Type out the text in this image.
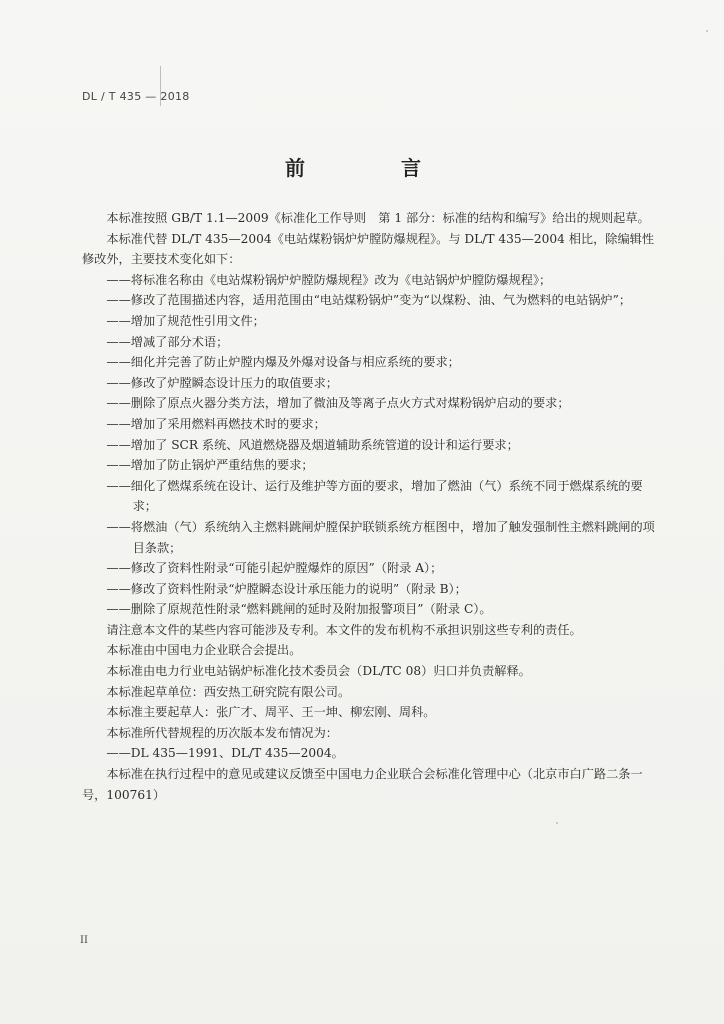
DL / T 435 — 2018
前　言

本标准按照 GB/T 1.1—2009《标准化工作导则　第 1 部分：标准的结构和编写》给出的规则起草。

本标准代替 DL/T 435—2004《电站煤粉锅炉炉膛防爆规程》。与 DL/T 435—2004 相比，除编辑性修改外，主要技术变化如下：

——将标准名称由《电站煤粉锅炉炉膛防爆规程》改为《电站锅炉炉膛防爆规程》；

——修改了范围描述内容，适用范围由“电站煤粉锅炉”变为“以煤粉、油、气为燃料的电站锅炉”；

——增加了规范性引用文件；

——增减了部分术语；

——细化并完善了防止炉膛内爆及外爆对设备与相应系统的要求；

——修改了炉膛瞬态设计压力的取值要求；

——删除了原点火器分类方法，增加了微油及等离子点火方式对煤粉锅炉启动的要求；

——增加了采用燃料再燃技术时的要求；

——增加了 SCR 系统、风道燃烧器及烟道辅助系统管道的设计和运行要求；

——增加了防止锅炉严重结焦的要求；

——细化了燃煤系统在设计、运行及维护等方面的要求，增加了燃油（气）系统不同于燃煤系统的要求；

——将燃油（气）系统纳入主燃料跳闸炉膛保护联锁系统方框图中，增加了触发强制性主燃料跳闸的项目条款；

——修改了资料性附录“可能引起炉膛爆炸的原因”（附录 A）；

——修改了资料性附录“炉膛瞬态设计承压能力的说明”（附录 B）；

——删除了原规范性附录“燃料跳闸的延时及附加报警项目”（附录 C）。

请注意本文件的某些内容可能涉及专利。本文件的发布机构不承担识别这些专利的责任。

本标准由中国电力企业联合会提出。

本标准由电力行业电站锅炉标准化技术委员会（DL/TC 08）归口并负责解释。

本标准起草单位：西安热工研究院有限公司。

本标准主要起草人：张广才、周平、王一坤、柳宏刚、周科。

本标准所代替规程的历次版本发布情况为：

——DL 435—1991、DL/T 435—2004。

本标准在执行过程中的意见或建议反馈至中国电力企业联合会标准化管理中心（北京市白广路二条一号，100761）

II
